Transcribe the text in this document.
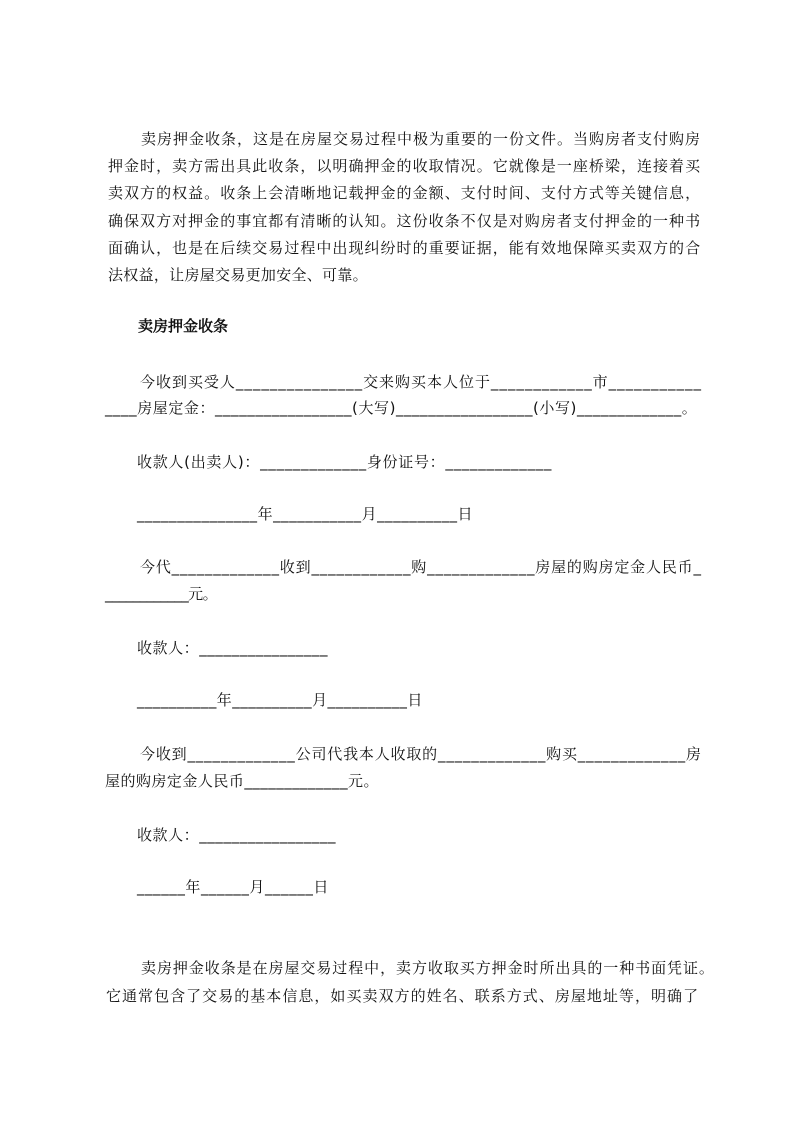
卖房押金收条，这是在房屋交易过程中极为重要的一份文件。当购房者支付购房
押金时，卖方需出具此收条，以明确押金的收取情况。它就像是一座桥梁，连接着买
卖双方的权益。收条上会清晰地记载押金的金额、支付时间、支付方式等关键信息，
确保双方对押金的事宜都有清晰的认知。这份收条不仅是对购房者支付押金的一种书
面确认，也是在后续交易过程中出现纠纷时的重要证据，能有效地保障买卖双方的合
法权益，让房屋交易更加安全、可靠。
卖房押金收条
今收到买受人_______________交来购买本人位于____________市___________
____房屋定金：_________________(大写)_________________(小写)_____________。
收款人(出卖人)：_____________身份证号：_____________
_______________年___________月__________日
今代_____________收到____________购_____________房屋的购房定金人民币_
____________元。
收款人：________________
__________年__________月__________日
今收到_____________公司代我本人收取的_____________购买_____________房
屋的购房定金人民币_____________元。
收款人：_________________
______年______月______日
卖房押金收条是在房屋交易过程中，卖方收取买方押金时所出具的一种书面凭证。
它通常包含了交易的基本信息，如买卖双方的姓名、联系方式、房屋地址等，明确了
